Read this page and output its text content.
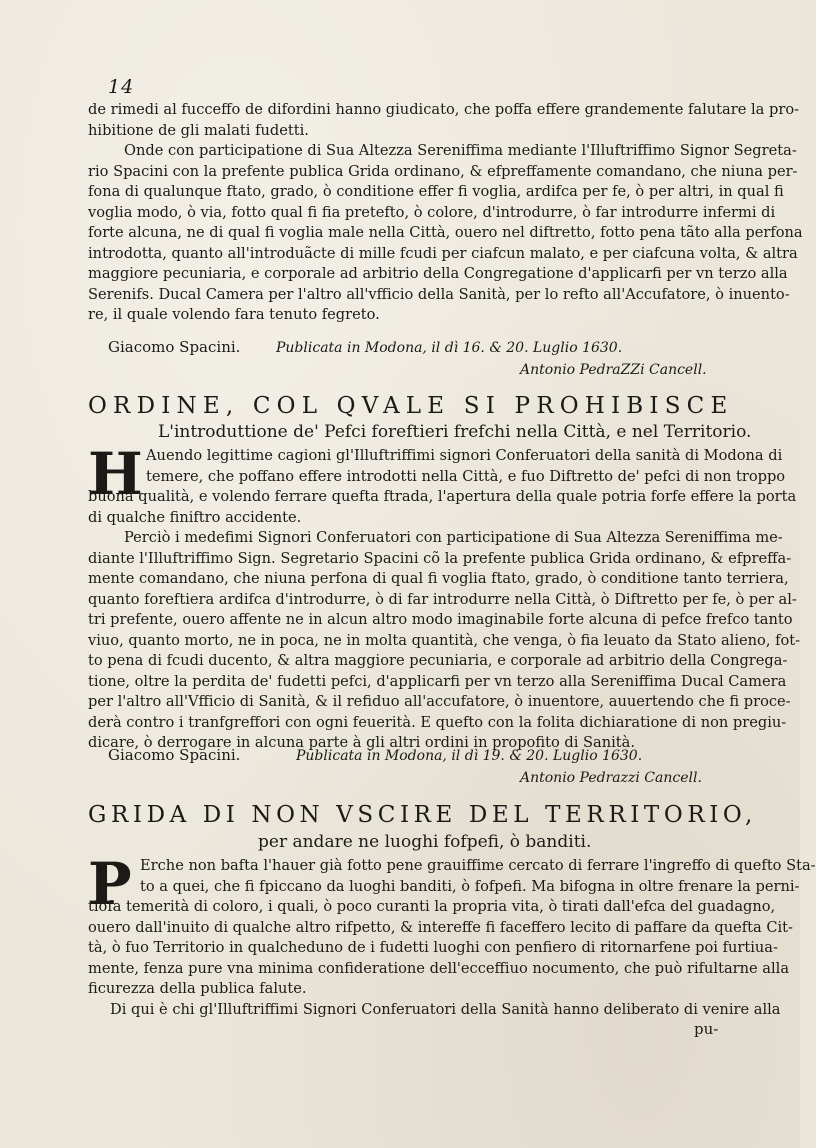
14
de rimedi al fucceffo de difordini hanno giudicato, che poffa effere grandemente falutare la pro-
hibitione de gli malati fudetti.
Onde con participatione di Sua Altezza Sereniffima mediante l'Illuftriffimo Signor Segreta-
rio Spacini con la prefente publica Grida ordinano, & efpreffamente comandano, che niuna per-
fona di qualunque ftato, grado, ò conditione effer fi voglia, ardifca per fe, ò per altri, in qual fi
voglia modo, ò via, fotto qual fi fia pretefto, ò colore, d'introdurre, ò far introdurre infermi di
forte alcuna, ne di qual fi voglia male nella Città, ouero nel diftretto, fotto pena tãto alla perfona
introdotta, quanto all'introduãcte di mille fcudi per ciafcun malato, e per ciafcuna volta, & altra
maggiore pecuniaria, e corporale ad arbitrio della Congregatione d'applicarfi per vn terzo alla
Serenifs. Ducal Camera per l'altro all'vfficio della Sanità, per lo refto all'Accufatore, ò inuento-
re, il quale volendo fara tenuto fegreto.
Giacomo Spacini.	Publicata in Modona, il dì 16. & 20. Luglio 1630.
Antonio PedraZZi Cancell.
ORDINE, COL QVALE SI PROHIBISCE
L'introduttione de' Pefci foreftieri frefchi nella Città, e nel Territorio.
H Auendo legittime cagioni gl'Illuftriffimi signori Conferuatori della sanità di Modona di
temere, che poffano effere introdotti nella Città, e fuo Diftretto de' pefci di non troppo
buona qualità, e volendo ferrare quefta ftrada, l'apertura della quale potria forfe effere la porta
di qualche finiftro accidente.
Perciò i medefimi Signori Conferuatori con participatione di Sua Altezza Sereniffima me-
diante l'Illuftriffimo Sign. Segretario Spacini cõ la prefente publica Grida ordinano, & efpreffa-
mente comandano, che niuna perfona di qual fi voglia ftato, grado, ò conditione tanto terriera,
quanto foreftiera ardifca d'introdurre, ò di far introdurre nella Città, ò Diftretto per fe, ò per al-
tri prefente, ouero affente ne in alcun altro modo imaginabile forte alcuna di pefce frefco tanto
viuo, quanto morto, ne in poca, ne in molta quantità, che venga, ò fia leuato da Stato alieno, fot-
to pena di fcudi ducento, & altra maggiore pecuniaria, e corporale ad arbitrio della Congrega-
tione, oltre la perdita de' fudetti pefci, d'applicarfi per vn terzo alla Sereniffima Ducal Camera
per l'altro all'Vfficio di Sanità, & il refiduo all'accufatore, ò inuentore, auuertendo che fi proce-
derà contro i tranfgreffori con ogni feuerità. E quefto con la folita dichiaratione di non pregiu-
dicare, ò derrogare in alcuna parte à gli altri ordini in propofito di Sanità.
Giacomo Spacini.	Publicata in Modona, il dì 19. & 20. Luglio 1630.
Antonio Pedrazzi Cancell.
GRIDA DI NON VSCIRE DEL TERRITORIO,
per andare ne luoghi fofpefi, ò banditi.
P Erche non bafta l'hauer già fotto pene grauiffime cercato di ferrare l'ingreffo di quefto Sta-
to a quei, che fi fpiccano da luoghi banditi, ò fofpefi. Ma bifogna in oltre frenare la perni-
tiofa temerità di coloro, i quali, ò poco curanti la propria vita, ò tirati dall'efca del guadagno,
ouero dall'inuito di qualche altro rifpetto, & intereffe fi faceffero lecito di paffare da quefta Cit-
tà, ò fuo Territorio in qualcheduno de i fudetti luoghi con penfiero di ritornarfene poi furtiua-
mente, fenza pure vna minima confideratione dell'ecceffiuo nocumento, che può rifultarne alla
ficurezza della publica falute.
Di qui è chi gl'Illuftriffimi Signori Conferuatori della Sanità hanno deliberato di venire alla
pu-
